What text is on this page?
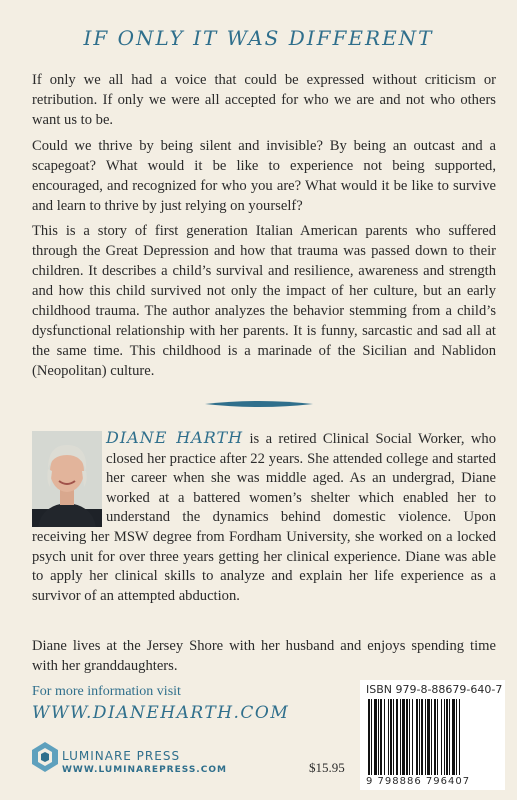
IF ONLY IT WAS DIFFERENT

If only we all had a voice that could be expressed without criticism or retribution. If only we were all accepted for who we are and not who others want us to be.

Could we thrive by being silent and invisible? By being an outcast and a scapegoat? What would it be like to experience not being supported, encouraged, and recognized for who you are? What would it be like to survive and learn to thrive by just relying on yourself?

This is a story of first generation Italian American parents who suffered through the Great Depression and how that trauma was passed down to their children. It describes a child’s survival and resilience, awareness and strength and how this child survived not only the impact of her culture, but an early childhood trauma. The author analyzes the behavior stemming from a child’s dysfunctional relationship with her parents. It is funny, sarcastic and sad all at the same time. This childhood is a marinade of the Sicilian and Nablidon (Neopolitan) culture.

DIANE HARTH is a retired Clinical Social Worker, who closed her practice after 22 years. She attended college and started her career when she was middle aged. As an undergrad, Diane worked at a battered women’s shelter which enabled her to understand the dynamics behind domestic violence. Upon receiving her MSW degree from Fordham University, she worked on a locked psych unit for over three years getting her clinical experience. Diane was able to apply her clinical skills to analyze and explain her life experience as a survivor of an attempted abduction.

Diane lives at the Jersey Shore with her husband and enjoys spending time with her granddaughters.

For more information visit
WWW.DIANEHARTH.COM
LUMINARE PRESS
WWW.LUMINAREPRESS.COM	$15.95
ISBN 979-8-88679-640-7
9 798886 796407
